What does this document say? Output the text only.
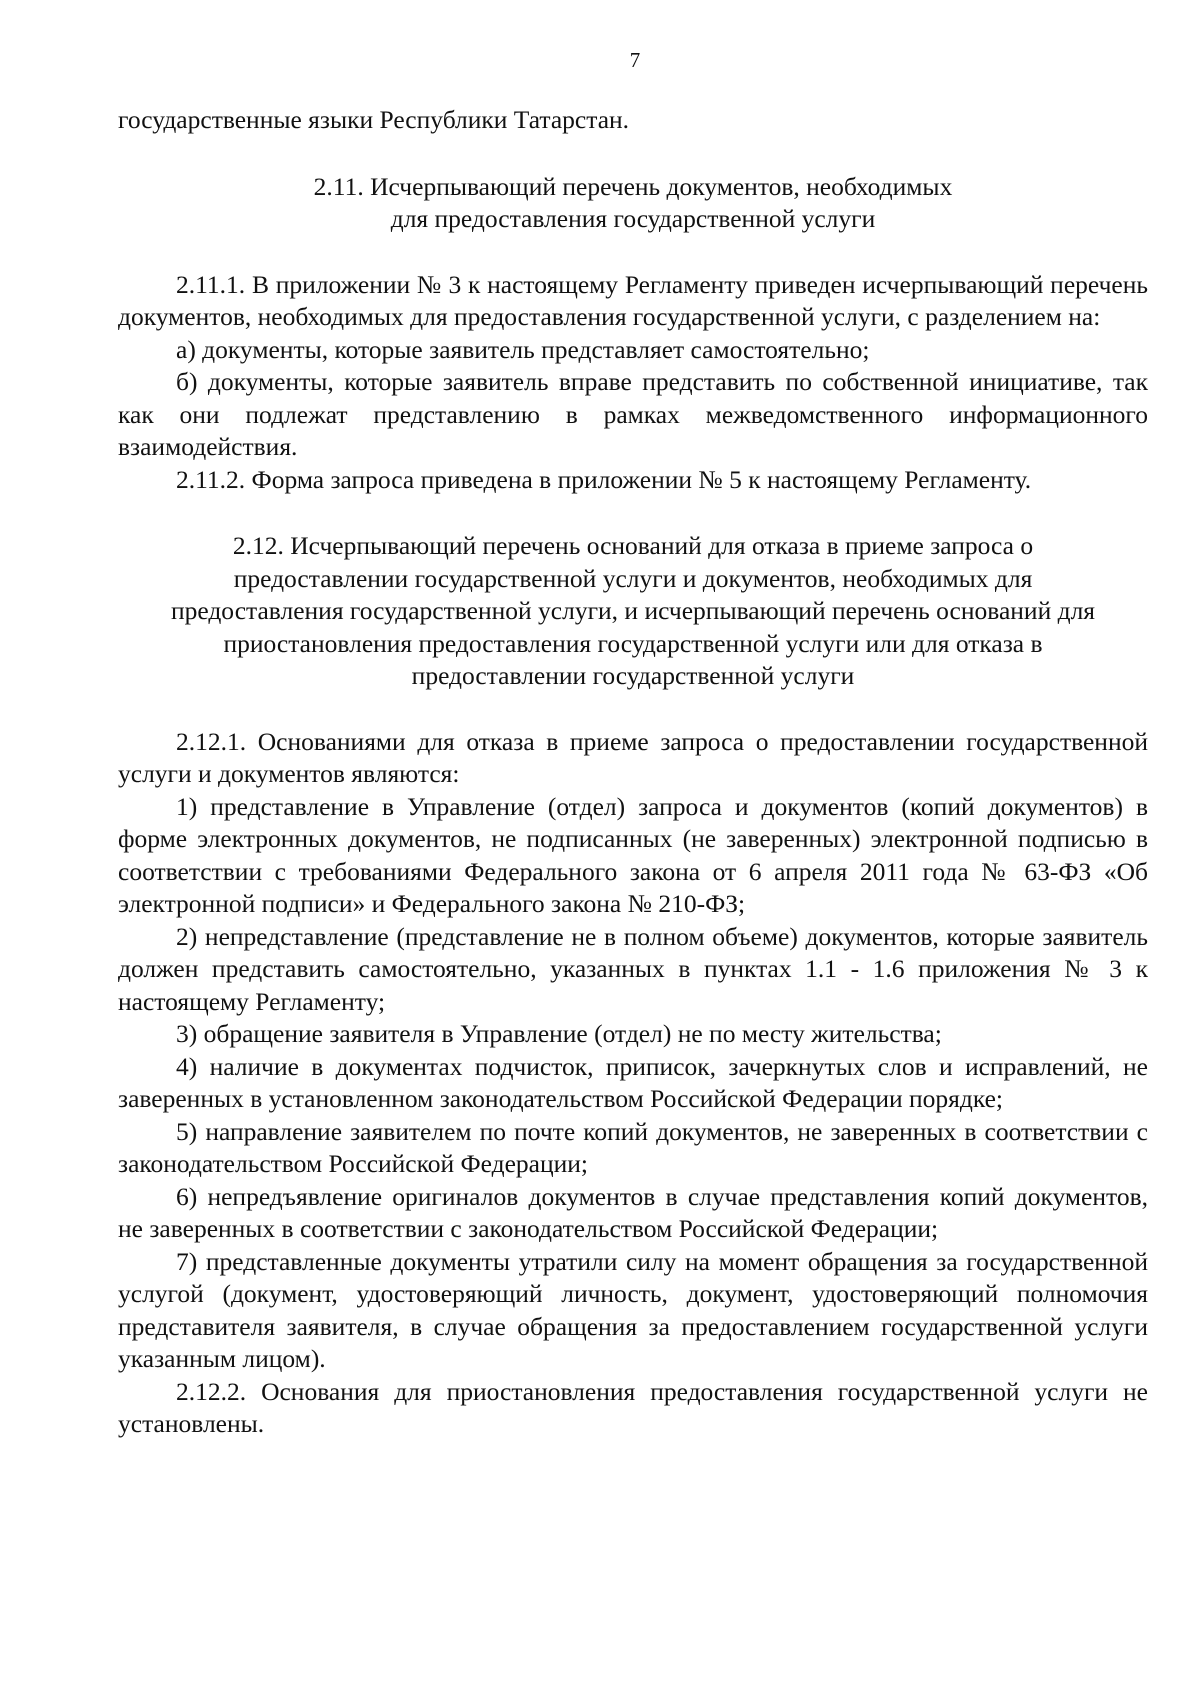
7

государственные языки Республики Татарстан.

2.11. Исчерпывающий перечень документов, необходимых
для предоставления государственной услуги

2.11.1. В приложении № 3 к настоящему Регламенту приведен исчерпывающий перечень документов, необходимых для предоставления государственной услуги, с разделением на:

а) документы, которые заявитель представляет самостоятельно;

б) документы, которые заявитель вправе представить по собственной инициативе, так как они подлежат представлению в рамках межведомственного информационного взаимодействия.

2.11.2. Форма запроса приведена в приложении № 5 к настоящему Регламенту.

2.12. Исчерпывающий перечень оснований для отказа в приеме запроса о
предоставлении государственной услуги и документов, необходимых для
предоставления государственной услуги, и исчерпывающий перечень оснований для
приостановления предоставления государственной услуги или для отказа в
предоставлении государственной услуги

2.12.1. Основаниями для отказа в приеме запроса о предоставлении государственной услуги и документов являются:

1) представление в Управление (отдел) запроса и документов (копий документов) в форме электронных документов, не подписанных (не заверенных) электронной подписью в соответствии с требованиями Федерального закона от 6 апреля 2011 года № 63-ФЗ «Об электронной подписи» и Федерального закона № 210-ФЗ;

2) непредставление (представление не в полном объеме) документов, которые заявитель должен представить самостоятельно, указанных в пунктах 1.1 - 1.6 приложения № 3 к настоящему Регламенту;

3) обращение заявителя в Управление (отдел) не по месту жительства;

4) наличие в документах подчисток, приписок, зачеркнутых слов и исправлений, не заверенных в установленном законодательством Российской Федерации порядке;

5) направление заявителем по почте копий документов, не заверенных в соответствии с законодательством Российской Федерации;

6) непредъявление оригиналов документов в случае представления копий документов, не заверенных в соответствии с законодательством Российской Федерации;

7) представленные документы утратили силу на момент обращения за государственной услугой (документ, удостоверяющий личность, документ, удостоверяющий полномочия представителя заявителя, в случае обращения за предоставлением государственной услуги указанным лицом).

2.12.2. Основания для приостановления предоставления государственной услуги не установлены.
